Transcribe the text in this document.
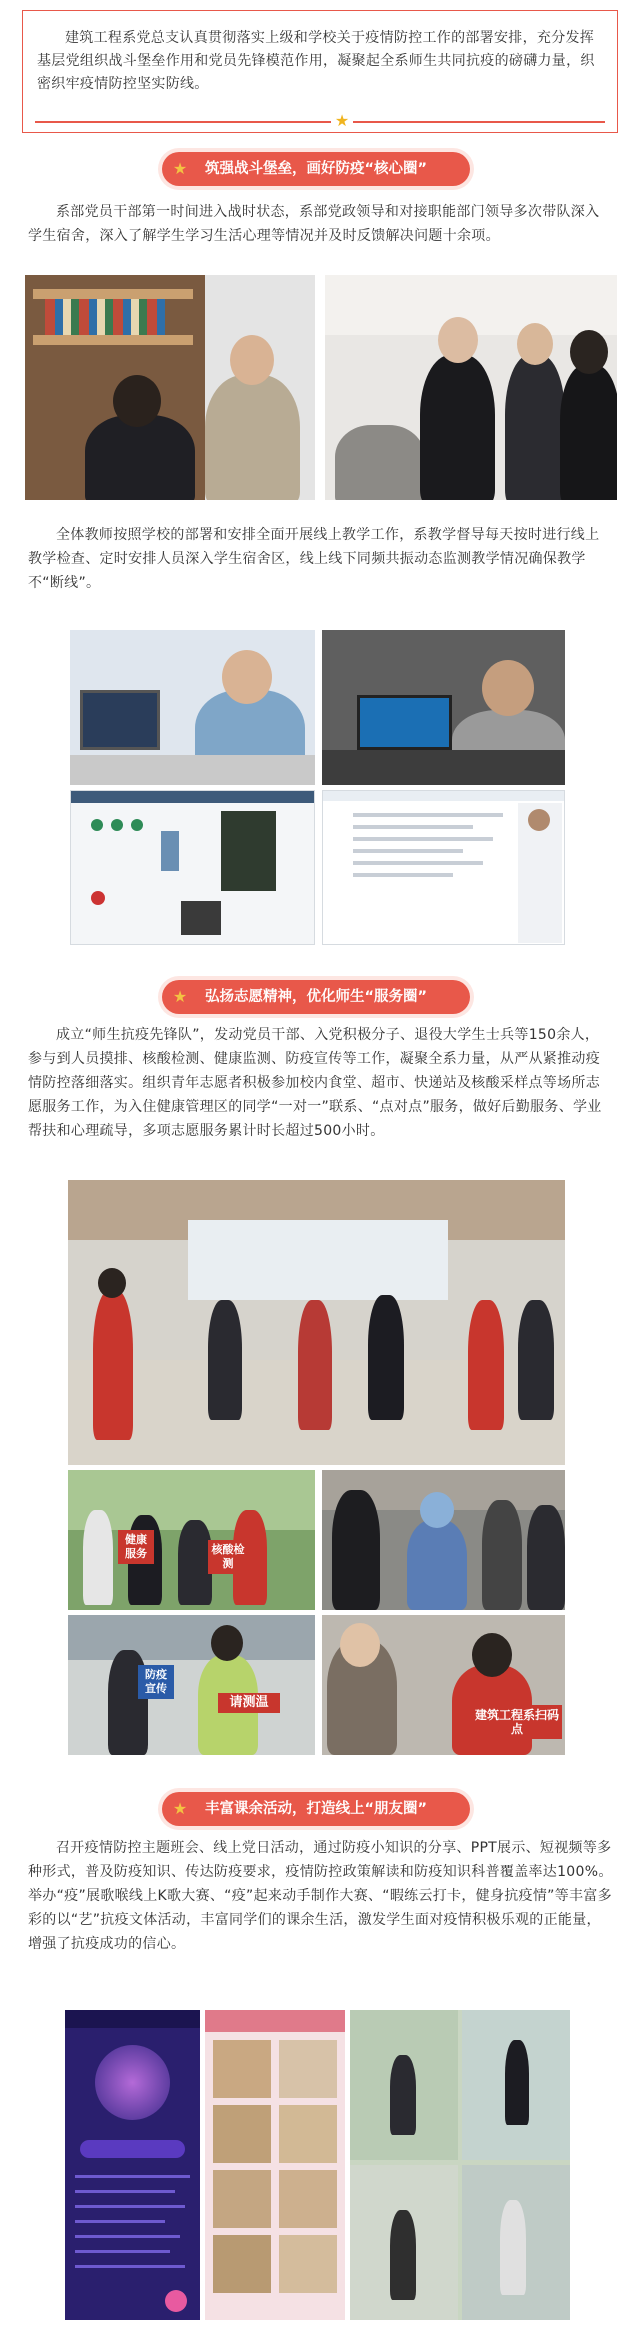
建筑工程系党总支认真贯彻落实上级和学校关于疫情防控工作的部署安排，充分发挥基层党组织战斗堡垒作用和党员先锋模范作用，凝聚起全系师生共同抗疫的磅礴力量，织密织牢疫情防控坚实防线。

★
★ 筑强战斗堡垒，画好防疫“核心圈”

系部党员干部第一时间进入战时状态，系部党政领导和对接职能部门领导多次带队深入学生宿舍，深入了解学生学习生活心理等情况并及时反馈解决问题十余项。

全体教师按照学校的部署和安排全面开展线上教学工作，系教学督导每天按时进行线上教学检查、定时安排人员深入学生宿舍区，线上线下同频共振动态监测教学情况确保教学不“断线”。

★ 弘扬志愿精神，优化师生“服务圈”

成立“师生抗疫先锋队”，发动党员干部、入党积极分子、退役大学生士兵等150余人，参与到人员摸排、核酸检测、健康监测、防疫宣传等工作，凝聚全系力量，从严从紧推动疫情防控落细落实。组织青年志愿者积极参加校内食堂、超市、快递站及核酸采样点等场所志愿服务工作，为入住健康管理区的同学“一对一”联系、“点对点”服务，做好后勤服务、学业帮扶和心理疏导，多项志愿服务累计时长超过500小时。

健康服务	核酸检测
防疫宣传
请测温
建筑工程系扫码点
★ 丰富课余活动，打造线上“朋友圈”

召开疫情防控主题班会、线上党日活动，通过防疫小知识的分享、PPT展示、短视频等多种形式，普及防疫知识、传达防疫要求，疫情防控政策解读和防疫知识科普覆盖率达100%。举办“疫”展歌喉线上K歌大赛、“疫”起来动手制作大赛、“暇练云打卡，健身抗疫情”等丰富多彩的以“艺”抗疫文体活动，丰富同学们的课余生活，激发学生面对疫情积极乐观的正能量，增强了抗疫成功的信心。
